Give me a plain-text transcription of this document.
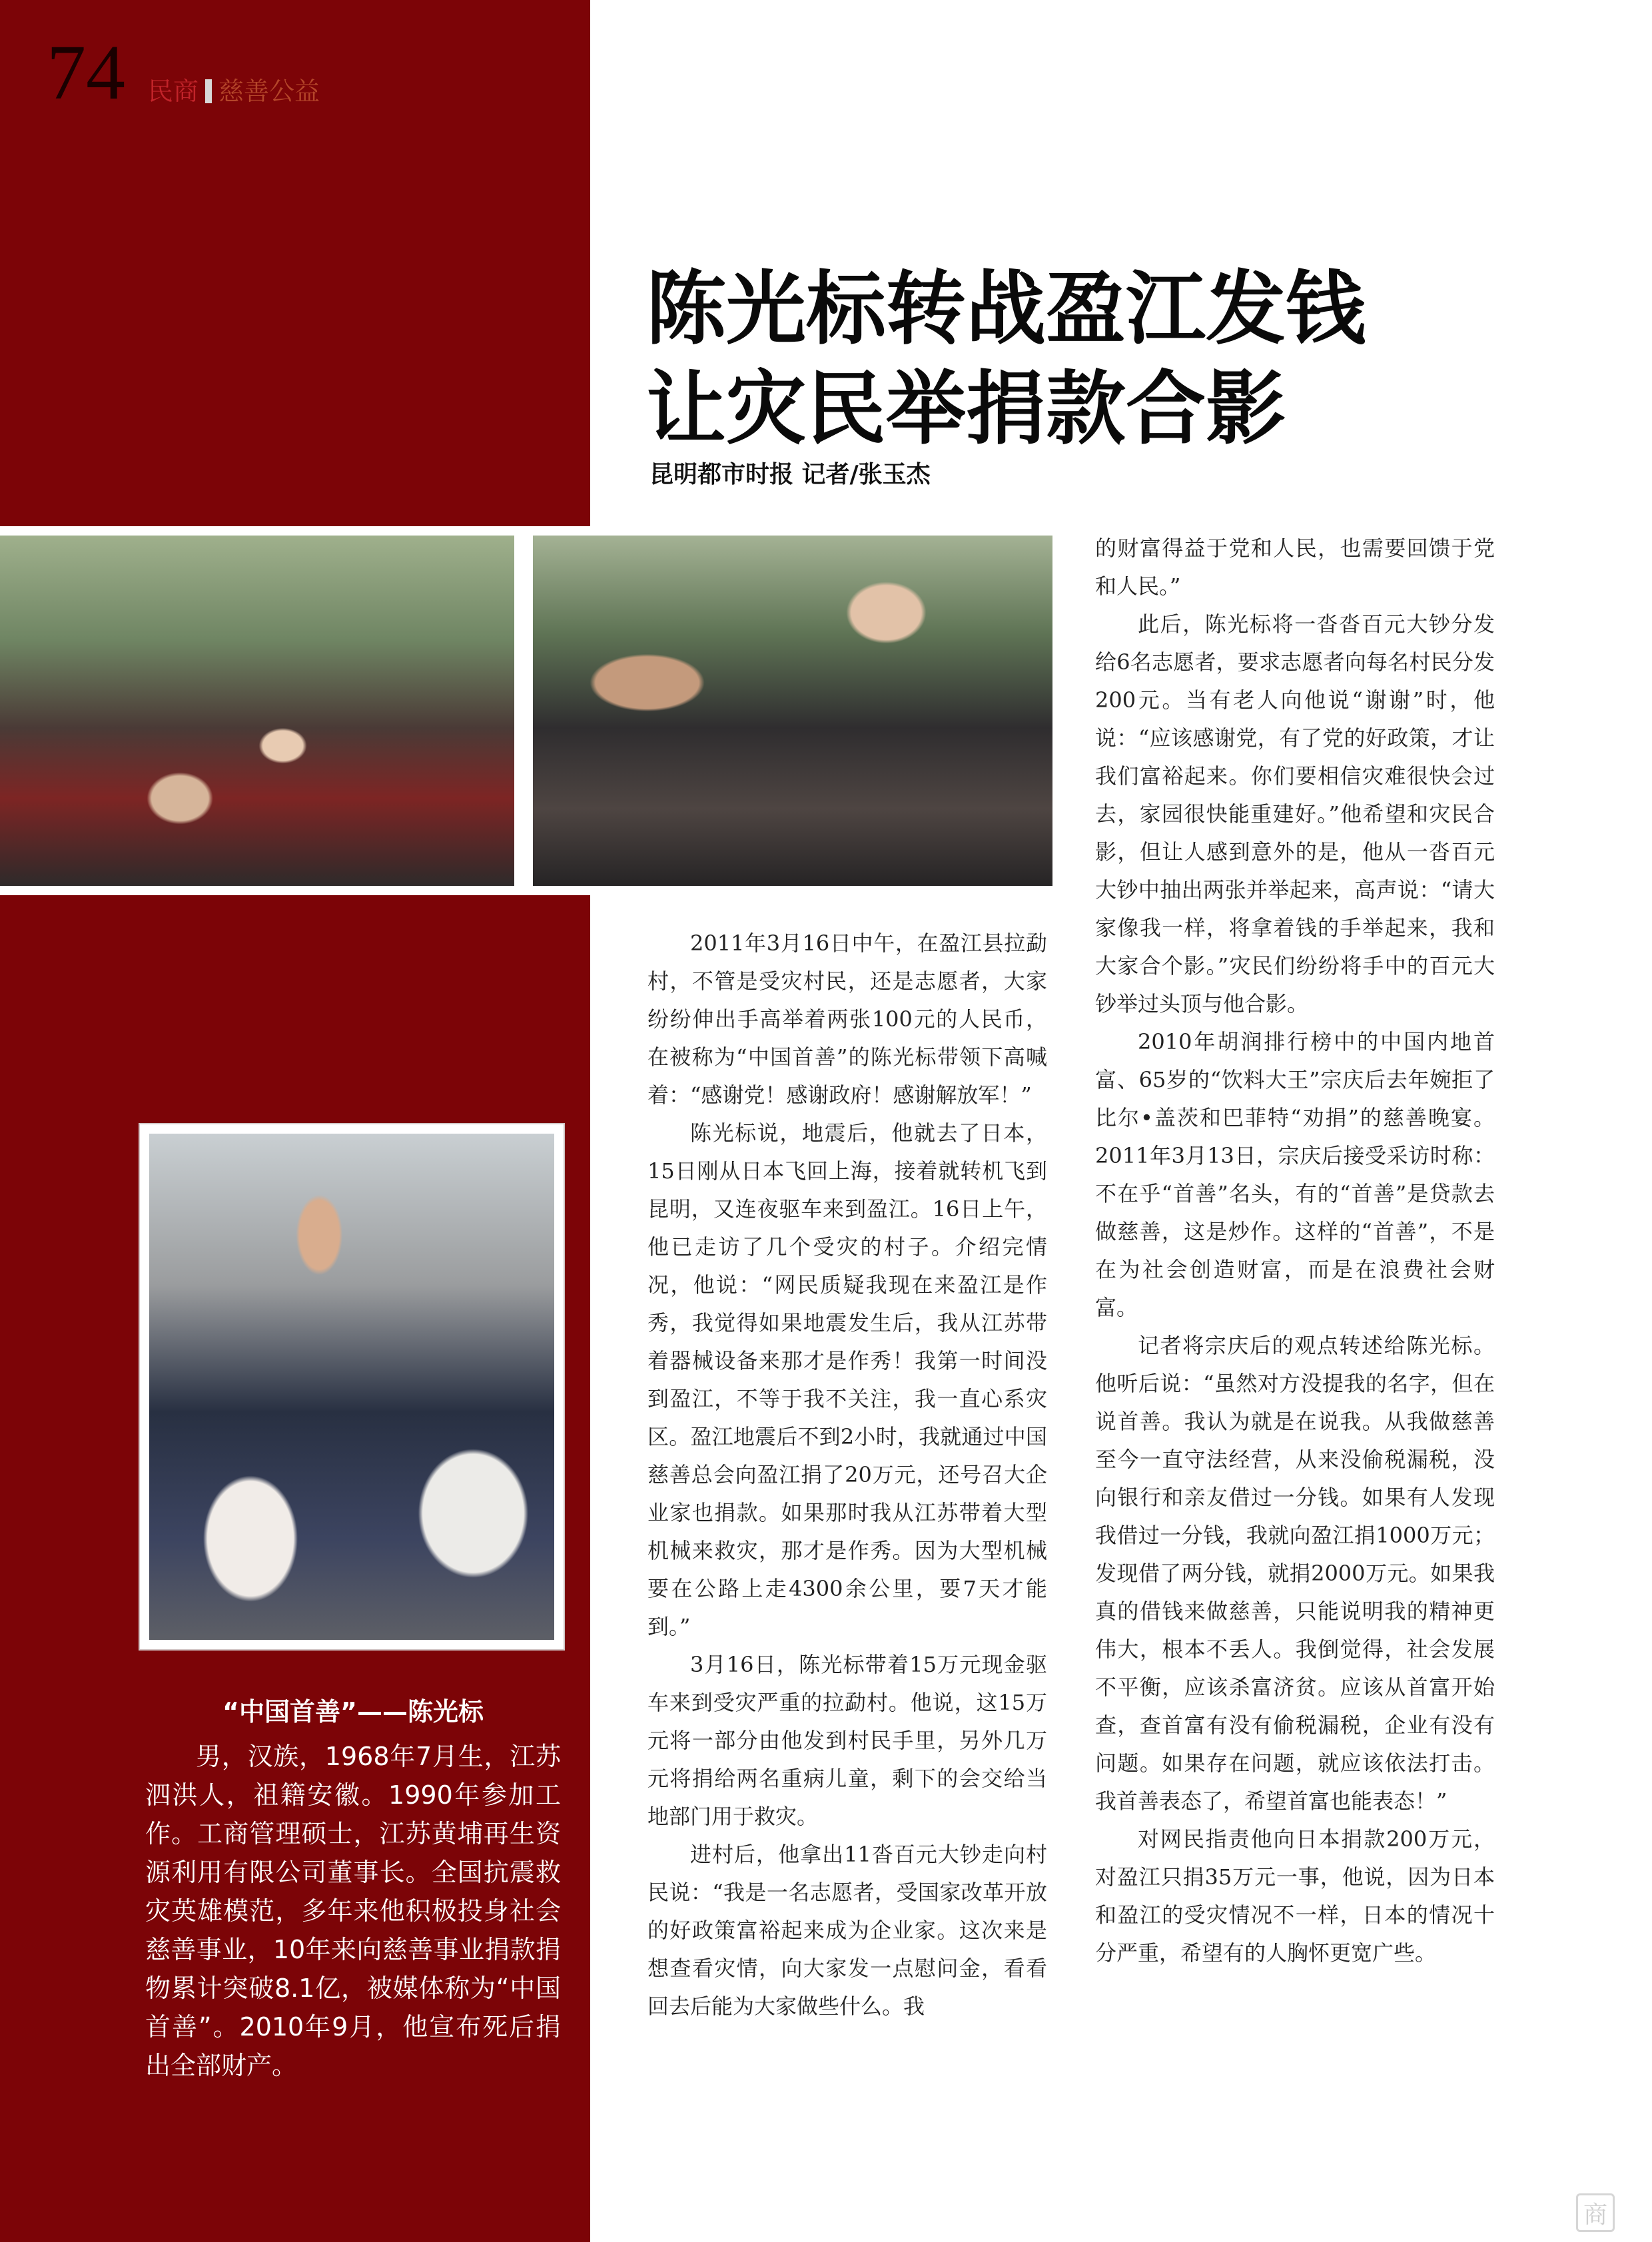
74 民商 慈善公益
陈光标转战盈江发钱
让灾民举捐款合影
昆明都市时报 记者/张玉杰
“中国首善”——陈光标

男，汉族，1968年7月生，江苏泗洪人，祖籍安徽。1990年参加工作。工商管理硕士，江苏黄埔再生资源利用有限公司董事长。全国抗震救灾英雄模范，多年来他积极投身社会慈善事业，10年来向慈善事业捐款捐物累计突破8.1亿，被媒体称为“中国首善”。2010年9月，他宣布死后捐出全部财产。

2011年3月16日中午，在盈江县拉勐村，不管是受灾村民，还是志愿者，大家纷纷伸出手高举着两张100元的人民币，在被称为“中国首善”的陈光标带领下高喊着：“感谢党！感谢政府！感谢解放军！”

陈光标说，地震后，他就去了日本，15日刚从日本飞回上海，接着就转机飞到昆明，又连夜驱车来到盈江。16日上午，他已走访了几个受灾的村子。介绍完情况，他说：“网民质疑我现在来盈江是作秀，我觉得如果地震发生后，我从江苏带着器械设备来那才是作秀！我第一时间没到盈江，不等于我不关注，我一直心系灾区。盈江地震后不到2小时，我就通过中国慈善总会向盈江捐了20万元，还号召大企业家也捐款。如果那时我从江苏带着大型机械来救灾，那才是作秀。因为大型机械要在公路上走4300余公里，要7天才能到。”

3月16日，陈光标带着15万元现金驱车来到受灾严重的拉勐村。他说，这15万元将一部分由他发到村民手里，另外几万元将捐给两名重病儿童，剩下的会交给当地部门用于救灾。

进村后，他拿出11沓百元大钞走向村民说：“我是一名志愿者，受国家改革开放的好政策富裕起来成为企业家。这次来是想查看灾情，向大家发一点慰问金，看看回去后能为大家做些什么。我

的财富得益于党和人民，也需要回馈于党和人民。”

此后，陈光标将一沓沓百元大钞分发给6名志愿者，要求志愿者向每名村民分发200元。当有老人向他说“谢谢”时，他说：“应该感谢党，有了党的好政策，才让我们富裕起来。你们要相信灾难很快会过去，家园很快能重建好。”他希望和灾民合影，但让人感到意外的是，他从一沓百元大钞中抽出两张并举起来，高声说：“请大家像我一样，将拿着钱的手举起来，我和大家合个影。”灾民们纷纷将手中的百元大钞举过头顶与他合影。

2010年胡润排行榜中的中国内地首富、65岁的“饮料大王”宗庆后去年婉拒了比尔•盖茨和巴菲特“劝捐”的慈善晚宴。2011年3月13日，宗庆后接受采访时称：不在乎“首善”名头，有的“首善”是贷款去做慈善，这是炒作。这样的“首善”，不是在为社会创造财富，而是在浪费社会财富。

记者将宗庆后的观点转述给陈光标。他听后说：“虽然对方没提我的名字，但在说首善。我认为就是在说我。从我做慈善至今一直守法经营，从来没偷税漏税，没向银行和亲友借过一分钱。如果有人发现我借过一分钱，我就向盈江捐1000万元；发现借了两分钱，就捐2000万元。如果我真的借钱来做慈善，只能说明我的精神更伟大，根本不丢人。我倒觉得，社会发展不平衡，应该杀富济贫。应该从首富开始查，查首富有没有偷税漏税，企业有没有问题。如果存在问题，就应该依法打击。我首善表态了，希望首富也能表态！”

对网民指责他向日本捐款200万元，对盈江只捐35万元一事，他说，因为日本和盈江的受灾情况不一样，日本的情况十分严重，希望有的人胸怀更宽广些。

商
